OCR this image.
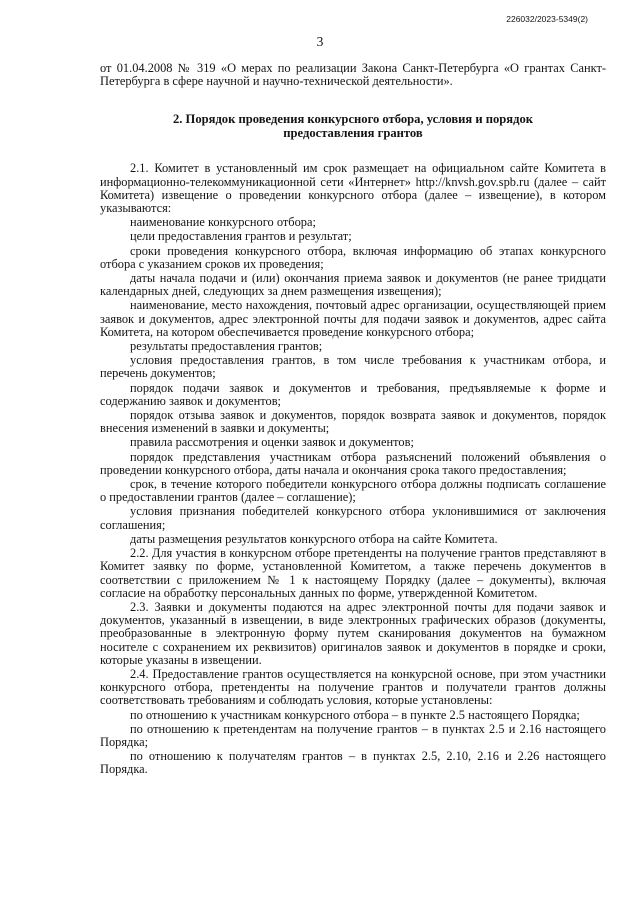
226032/2023-5349(2)
3

от 01.04.2008 № 319 «О мерах по реализации Закона Санкт-Петербурга «О грантах Санкт-Петербурга в сфере научной и научно-технической деятельности».

2. Порядок проведения конкурсного отбора, условия и порядок
предоставления грантов

2.1. Комитет в установленный им срок размещает на официальном сайте Комитета в информационно-телекоммуникационной сети «Интернет» http://knvsh.gov.spb.ru (далее – сайт Комитета) извещение о проведении конкурсного отбора (далее – извещение), в котором указываются:

наименование конкурсного отбора;

цели предоставления грантов и результат;

сроки проведения конкурсного отбора, включая информацию об этапах конкурсного отбора с указанием сроков их проведения;

даты начала подачи и (или) окончания приема заявок и документов (не ранее тридцати календарных дней, следующих за днем размещения извещения);

наименование, место нахождения, почтовый адрес организации, осуществляющей прием заявок и документов, адрес электронной почты для подачи заявок и документов, адрес сайта Комитета, на котором обеспечивается проведение конкурсного отбора;

результаты предоставления грантов;

условия предоставления грантов, в том числе требования к участникам отбора, и перечень документов;

порядок подачи заявок и документов и требования, предъявляемые к форме и содержанию заявок и документов;

порядок отзыва заявок и документов, порядок возврата заявок и документов, порядок внесения изменений в заявки и документы;

правила рассмотрения и оценки заявок и документов;

порядок представления участникам отбора разъяснений положений объявления о проведении конкурсного отбора, даты начала и окончания срока такого предоставления;

срок, в течение которого победители конкурсного отбора должны подписать соглашение о предоставлении грантов (далее – соглашение);

условия признания победителей конкурсного отбора уклонившимися от заключения соглашения;

даты размещения результатов конкурсного отбора на сайте Комитета.

2.2. Для участия в конкурсном отборе претенденты на получение грантов представляют в Комитет заявку по форме, установленной Комитетом, а также перечень документов в соответствии с приложением № 1 к настоящему Порядку (далее – документы), включая согласие на обработку персональных данных по форме, утвержденной Комитетом.

2.3. Заявки и документы подаются на адрес электронной почты для подачи заявок и документов, указанный в извещении, в виде электронных графических образов (документы, преобразованные в электронную форму путем сканирования документов на бумажном носителе с сохранением их реквизитов) оригиналов заявок и документов в порядке и сроки, которые указаны в извещении.

2.4. Предоставление грантов осуществляется на конкурсной основе, при этом участники конкурсного отбора, претенденты на получение грантов и получатели грантов должны соответствовать требованиям и соблюдать условия, которые установлены:

по отношению к участникам конкурсного отбора – в пункте 2.5 настоящего Порядка;

по отношению к претендентам на получение грантов – в пунктах 2.5 и 2.16 настоящего Порядка;

по отношению к получателям грантов – в пунктах 2.5, 2.10, 2.16 и 2.26 настоящего Порядка.
